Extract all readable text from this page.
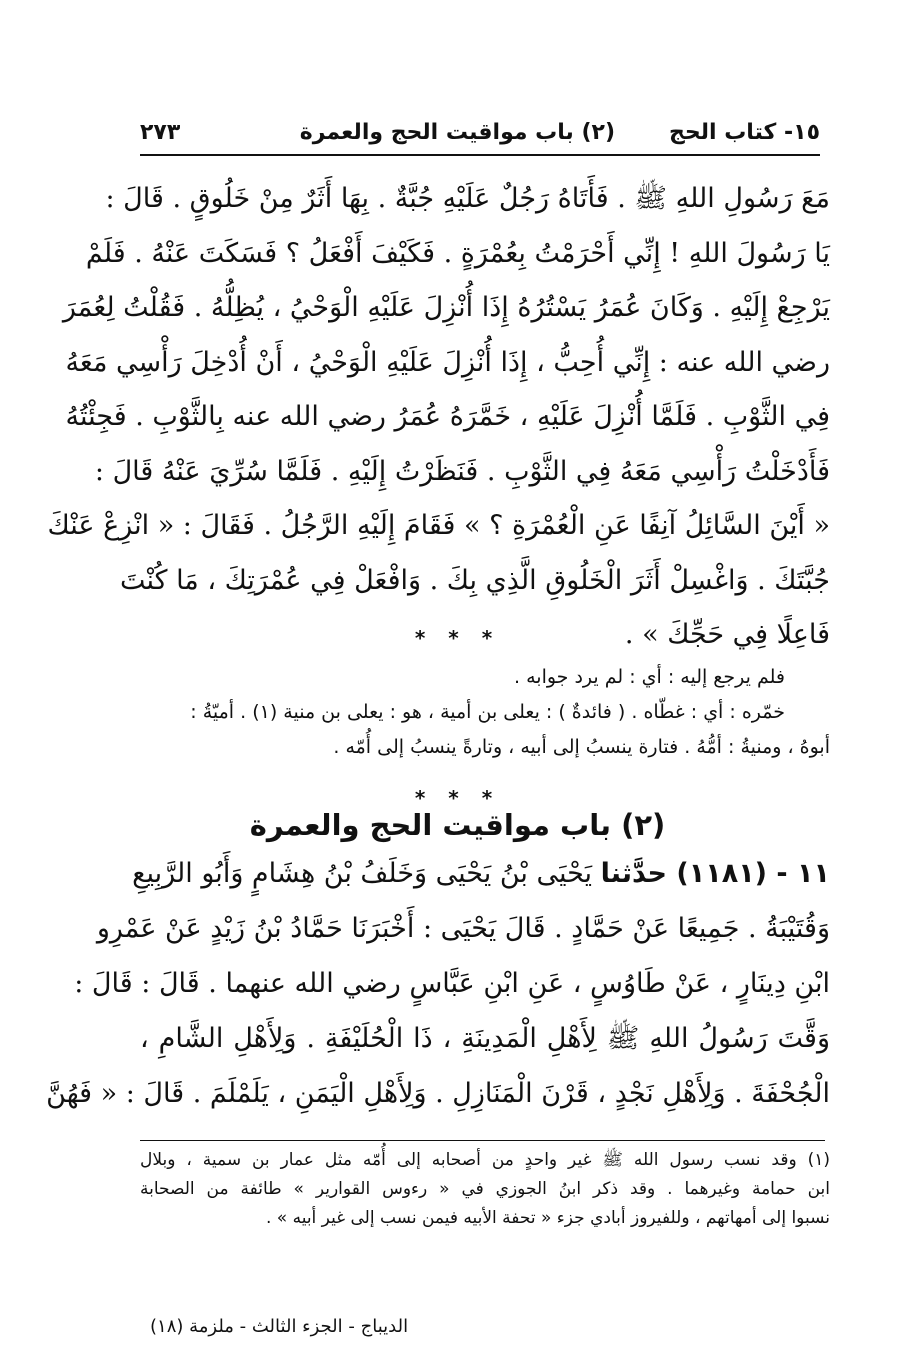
١٥- كتاب الحج
(٢) باب مواقيت الحج والعمرة
٢٧٣
مَعَ رَسُولِ اللهِ ﷺ . فَأَتَاهُ رَجُلٌ عَلَيْهِ جُبَّةٌ . بِهَا أَثَرٌ مِنْ خَلُوقٍ . قَالَ :
يَا رَسُولَ اللهِ ! إِنِّي أَحْرَمْتُ بِعُمْرَةٍ . فَكَيْفَ أَفْعَلُ ؟ فَسَكَتَ عَنْهُ . فَلَمْ
يَرْجِعْ إِلَيْهِ . وَكَانَ عُمَرُ يَسْتُرُهُ إِذَا أُنْزِلَ عَلَيْهِ الْوَحْيُ ، يُظِلُّهُ . فَقُلْتُ لِعُمَرَ
رضي الله عنه : إِنِّي أُحِبُّ ، إِذَا أُنْزِلَ عَلَيْهِ الْوَحْيُ ، أَنْ أُدْخِلَ رَأْسِي مَعَهُ
فِي الثَّوْبِ . فَلَمَّا أُنْزِلَ عَلَيْهِ ، خَمَّرَهُ عُمَرُ رضي الله عنه بِالثَّوْبِ . فَجِئْتُهُ
فَأَدْخَلْتُ رَأْسِي مَعَهُ فِي الثَّوْبِ . فَنَظَرْتُ إِلَيْهِ . فَلَمَّا سُرِّيَ عَنْهُ قَالَ :
« أَيْنَ السَّائِلُ آنِفًا عَنِ الْعُمْرَةِ ؟ » فَقَامَ إِلَيْهِ الرَّجُلُ . فَقَالَ : « انْزِعْ عَنْكَ
جُبَّتَكَ . وَاغْسِلْ أَثَرَ الْخَلُوقِ الَّذِي بِكَ . وَافْعَلْ فِي عُمْرَتِكَ ، مَا كُنْتَ
فَاعِلًا فِي حَجِّكَ » .
* * *
فلم يرجع إليه : أي : لم يرد جوابه .
خمّره : أي : غطّاه . ( فائدةٌ ) : يعلى بن أمية ، هو : يعلى بن منية (١) . أميّةُ :
أبوهُ ، ومنيةُ : أمُّهُ . فتارة ينسبُ إلى أبيه ، وتارةً ينسبُ إلى أُمّه .
* * *
(٢) باب مواقيت الحج والعمرة
١١ - (١١٨١) حدَّثنا يَحْيَى بْنُ يَحْيَى وَخَلَفُ بْنُ هِشَامٍ وَأَبُو الرَّبِيعِ
وَقُتَيْبَةُ . جَمِيعًا عَنْ حَمَّادٍ . قَالَ يَحْيَى : أَخْبَرَنَا حَمَّادُ بْنُ زَيْدٍ عَنْ عَمْرِو
ابْنِ دِينَارٍ ، عَنْ طَاوُسٍ ، عَنِ ابْنِ عَبَّاسٍ رضي الله عنهما . قَالَ : قَالَ :
وَقَّتَ رَسُولُ اللهِ ﷺ لِأَهْلِ الْمَدِينَةِ ، ذَا الْحُلَيْفَةِ . وَلِأَهْلِ الشَّامِ ،
الْجُحْفَةَ . وَلِأَهْلِ نَجْدٍ ، قَرْنَ الْمَنَازِلِ . وَلِأَهْلِ الْيَمَنِ ، يَلَمْلَمَ . قَالَ : « فَهُنَّ
(١) وقد نسب رسول الله ﷺ غير واحدٍ من أصحابه إلى أُمّه مثل عمار بن سمية ، وبلال
ابن حمامة وغيرهما . وقد ذكر ابنُ الجوزي في « رءوس القوارير » طائفة من الصحابة
نسبوا إلى أمهاتهم ، وللفيروز أبادي جزء « تحفة الأبيه فيمن نسب إلى غير أبيه » .
الديباج - الجزء الثالث - ملزمة (١٨)
